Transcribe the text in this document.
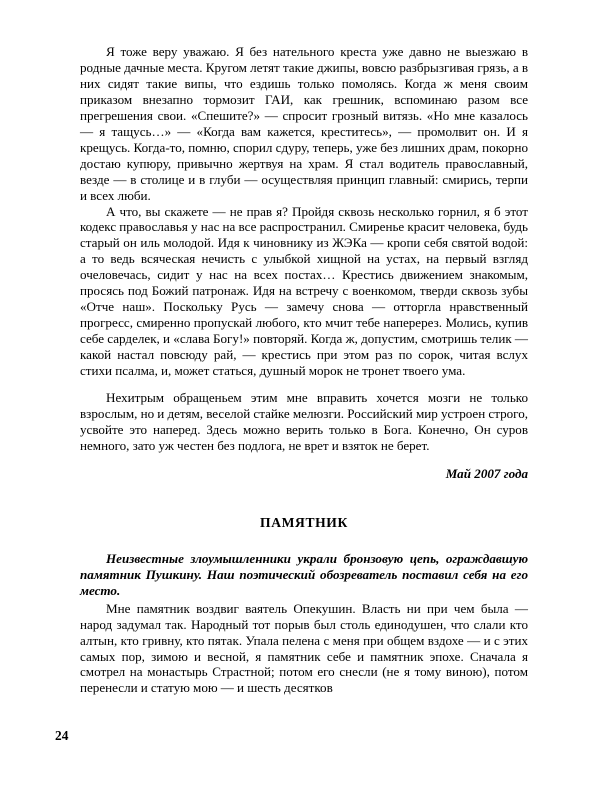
Я тоже веру уважаю. Я без нательного креста уже давно не выезжаю в родные дачные места. Кругом летят такие джипы, вовсю разбрызгивая грязь, а в них сидят такие випы, что ездишь только помолясь. Когда ж меня своим приказом внезапно тормозит ГАИ, как грешник, вспоминаю разом все прегрешения свои. «Спешите?» — спросит грозный витязь. «Но мне казалось — я тащусь…» — «Когда вам кажется, креститесь», — промолвит он. И я крещусь. Когда-то, помню, спорил сдуру, теперь, уже без лишних драм, покорно достаю купюру, привычно жертвуя на храм. Я стал водитель православный, везде — в столице и в глуби — осуществляя принцип главный: смирись, терпи и всех люби.

А что, вы скажете — не прав я? Пройдя сквозь несколько горнил, я б этот кодекс православья у нас на все распространил. Смиренье красит человека, будь старый он иль молодой. Идя к чиновнику из ЖЭКа — кропи себя святой водой: а то ведь всяческая нечисть с улыбкой хищной на устах, на первый взгляд очеловечась, сидит у нас на всех постах… Крестись движением знакомым, просясь под Божий патронаж. Идя на встречу с военкомом, тверди сквозь зубы «Отче наш». Поскольку Русь — замечу снова — отторгла нравственный прогресс, смиренно пропускай любого, кто мчит тебе наперерез. Молись, купив себе сарделек, и «слава Богу!» повторяй. Когда ж, допустим, смотришь телик — какой настал повсюду рай, — крестись при этом раз по сорок, читая вслух стихи псалма, и, может статься, душный морок не тронет твоего ума.

Нехитрым обращеньем этим мне вправить хочется мозги не только взрослым, но и детям, веселой стайке мелюзги. Российский мир устроен строго, усвойте это наперед. Здесь можно верить только в Бога. Конечно, Он суров немного, зато уж честен без подлога, не врет и взяток не берет.

Май 2007 года

ПАМЯТНИК

Неизвестные злоумышленники украли бронзовую цепь, ограждавшую памятник Пушкину. Наш поэтический обозреватель поставил себя на его место.

Мне памятник воздвиг ваятель Опекушин. Власть ни при чем была — народ задумал так. Народный тот порыв был столь единодушен, что слали кто алтын, кто гривну, кто пятак. Упала пелена с меня при общем вздохе — и с этих самых пор, зимою и весной, я памятник себе и памятник эпохе. Сначала я смотрел на монастырь Страстной; потом его снесли (не я тому виною), потом перенесли и статую мою — и шесть десятков

24
